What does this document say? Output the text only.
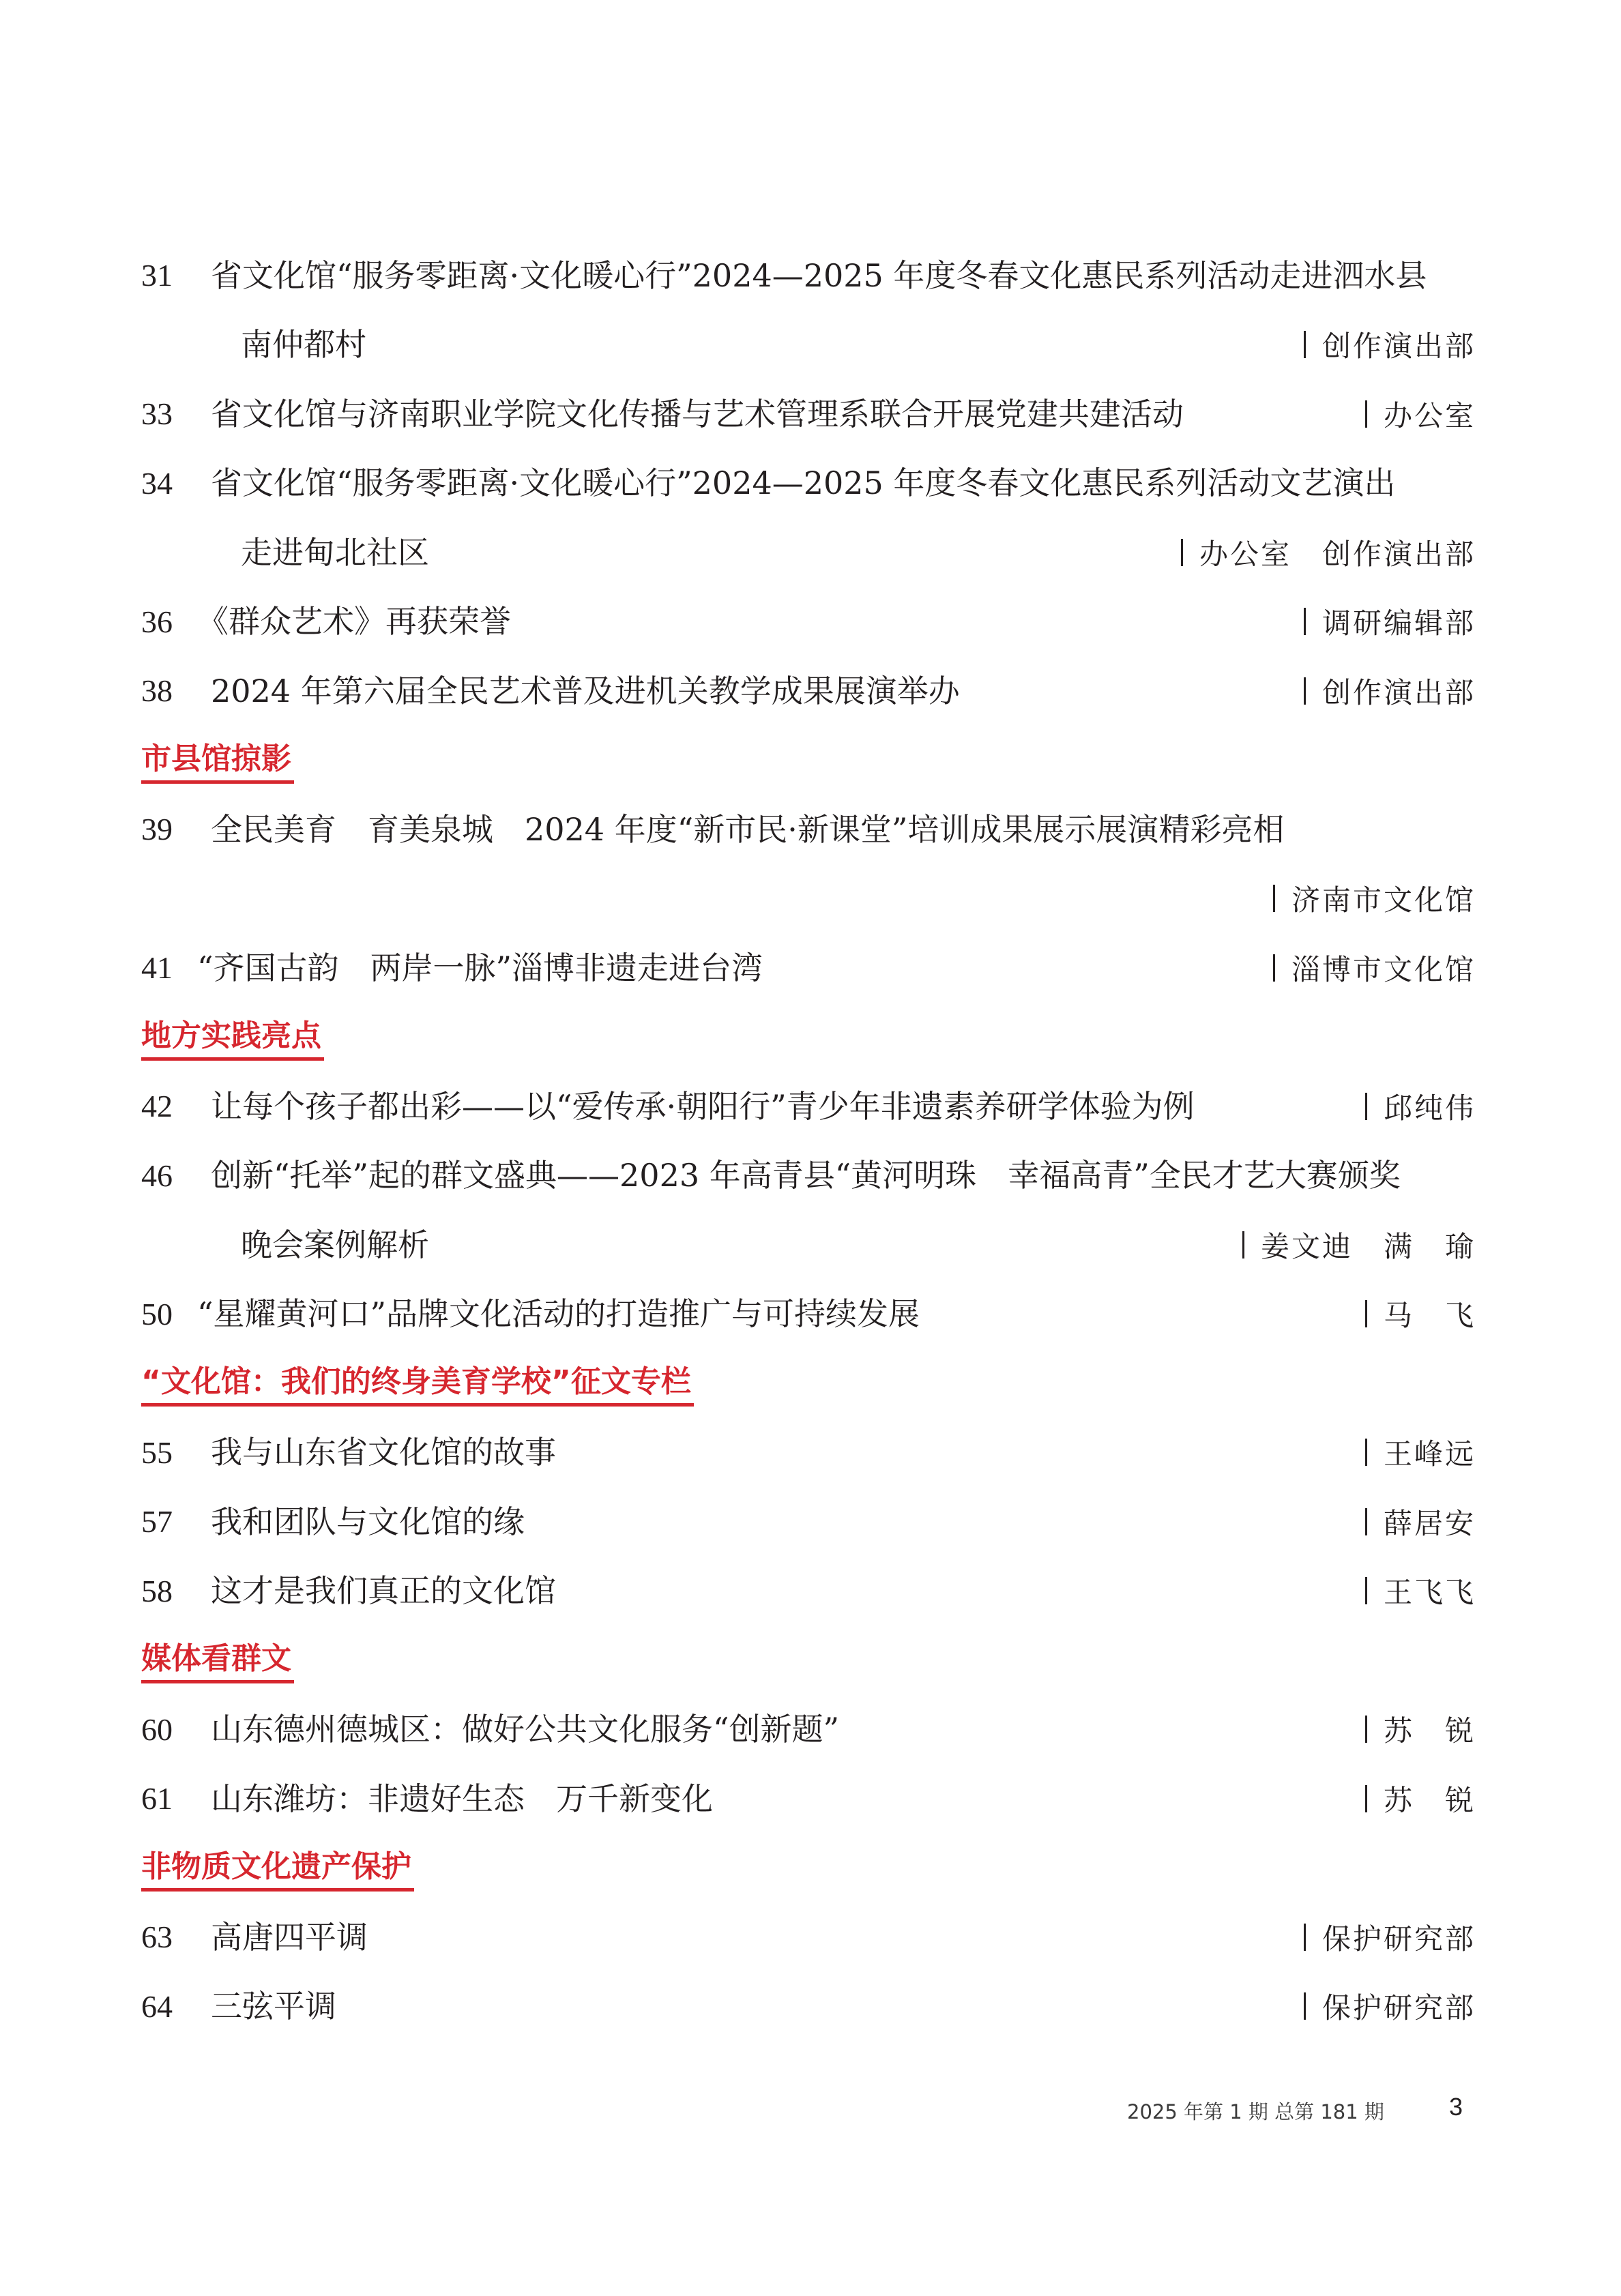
31	省文化馆“服务零距离·文化暖心行”2024—2025 年度冬春文化惠民系列活动走进泗水县
南仲都村	创作演出部
33	省文化馆与济南职业学院文化传播与艺术管理系联合开展党建共建活动	办公室
34	省文化馆“服务零距离·文化暖心行”2024—2025 年度冬春文化惠民系列活动文艺演出
走进甸北社区	办公室　创作演出部
36 《群众艺术》再获荣誉	调研编辑部
38	2024 年第六届全民艺术普及进机关教学成果展演举办	创作演出部
市县馆掠影
39	全民美育　育美泉城　2024 年度“新市民·新课堂”培训成果展示展演精彩亮相
济南市文化馆
41 “齐国古韵　两岸一脉”淄博非遗走进台湾	淄博市文化馆
地方实践亮点
42	让每个孩子都出彩——以“爱传承·朝阳行”青少年非遗素养研学体验为例	邱纯伟
46	创新“托举”起的群文盛典——2023 年高青县“黄河明珠　幸福高青”全民才艺大赛颁奖
晚会案例解析	姜文迪　满　瑜
50 “星耀黄河口”品牌文化活动的打造推广与可持续发展	马　飞
“文化馆：我们的终身美育学校”征文专栏
55	我与山东省文化馆的故事	王峰远
57	我和团队与文化馆的缘	薛居安
58	这才是我们真正的文化馆	王飞飞
媒体看群文
60	山东德州德城区：做好公共文化服务“创新题”	苏　锐
61	山东潍坊：非遗好生态　万千新变化	苏　锐
非物质文化遗产保护
63	高唐四平调	保护研究部
64	三弦平调	保护研究部
2025 年第 1 期 总第 181 期	3
